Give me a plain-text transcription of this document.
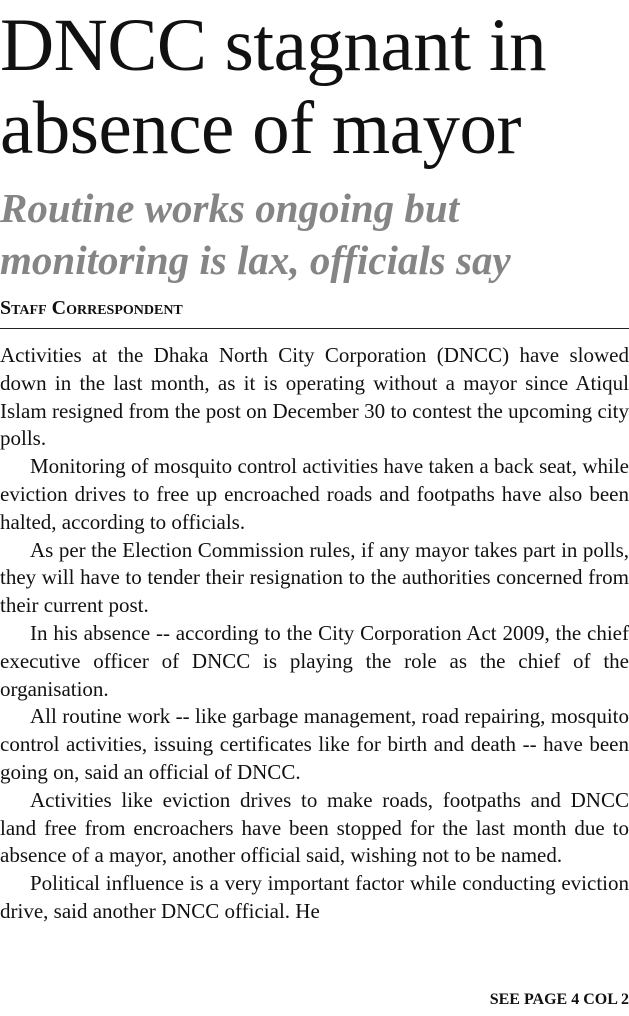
DNCC stagnant in absence of mayor
Routine works ongoing but monitoring is lax, officials say
Staff Correspondent

Activities at the Dhaka North City Corporation (DNCC) have slowed down in the last month, as it is operating without a mayor since Atiqul Islam resigned from the post on December 30 to contest the upcoming city polls.

Monitoring of mosquito control activities have taken a back seat, while eviction drives to free up encroached roads and footpaths have also been halted, according to officials.

As per the Election Commission rules, if any mayor takes part in polls, they will have to tender their resignation to the authorities concerned from their current post.

In his absence -- according to the City Corporation Act 2009, the chief executive officer of DNCC is playing the role as the chief of the organisation.

All routine work -- like garbage management, road repairing, mosquito control activities, issuing certificates like for birth and death -- have been going on, said an official of DNCC.

Activities like eviction drives to make roads, footpaths and DNCC land free from encroachers have been stopped for the last month due to absence of a mayor, another official said, wishing not to be named.

Political influence is a very important factor while conducting eviction drive, said another DNCC official. He

SEE PAGE 4 COL 2
